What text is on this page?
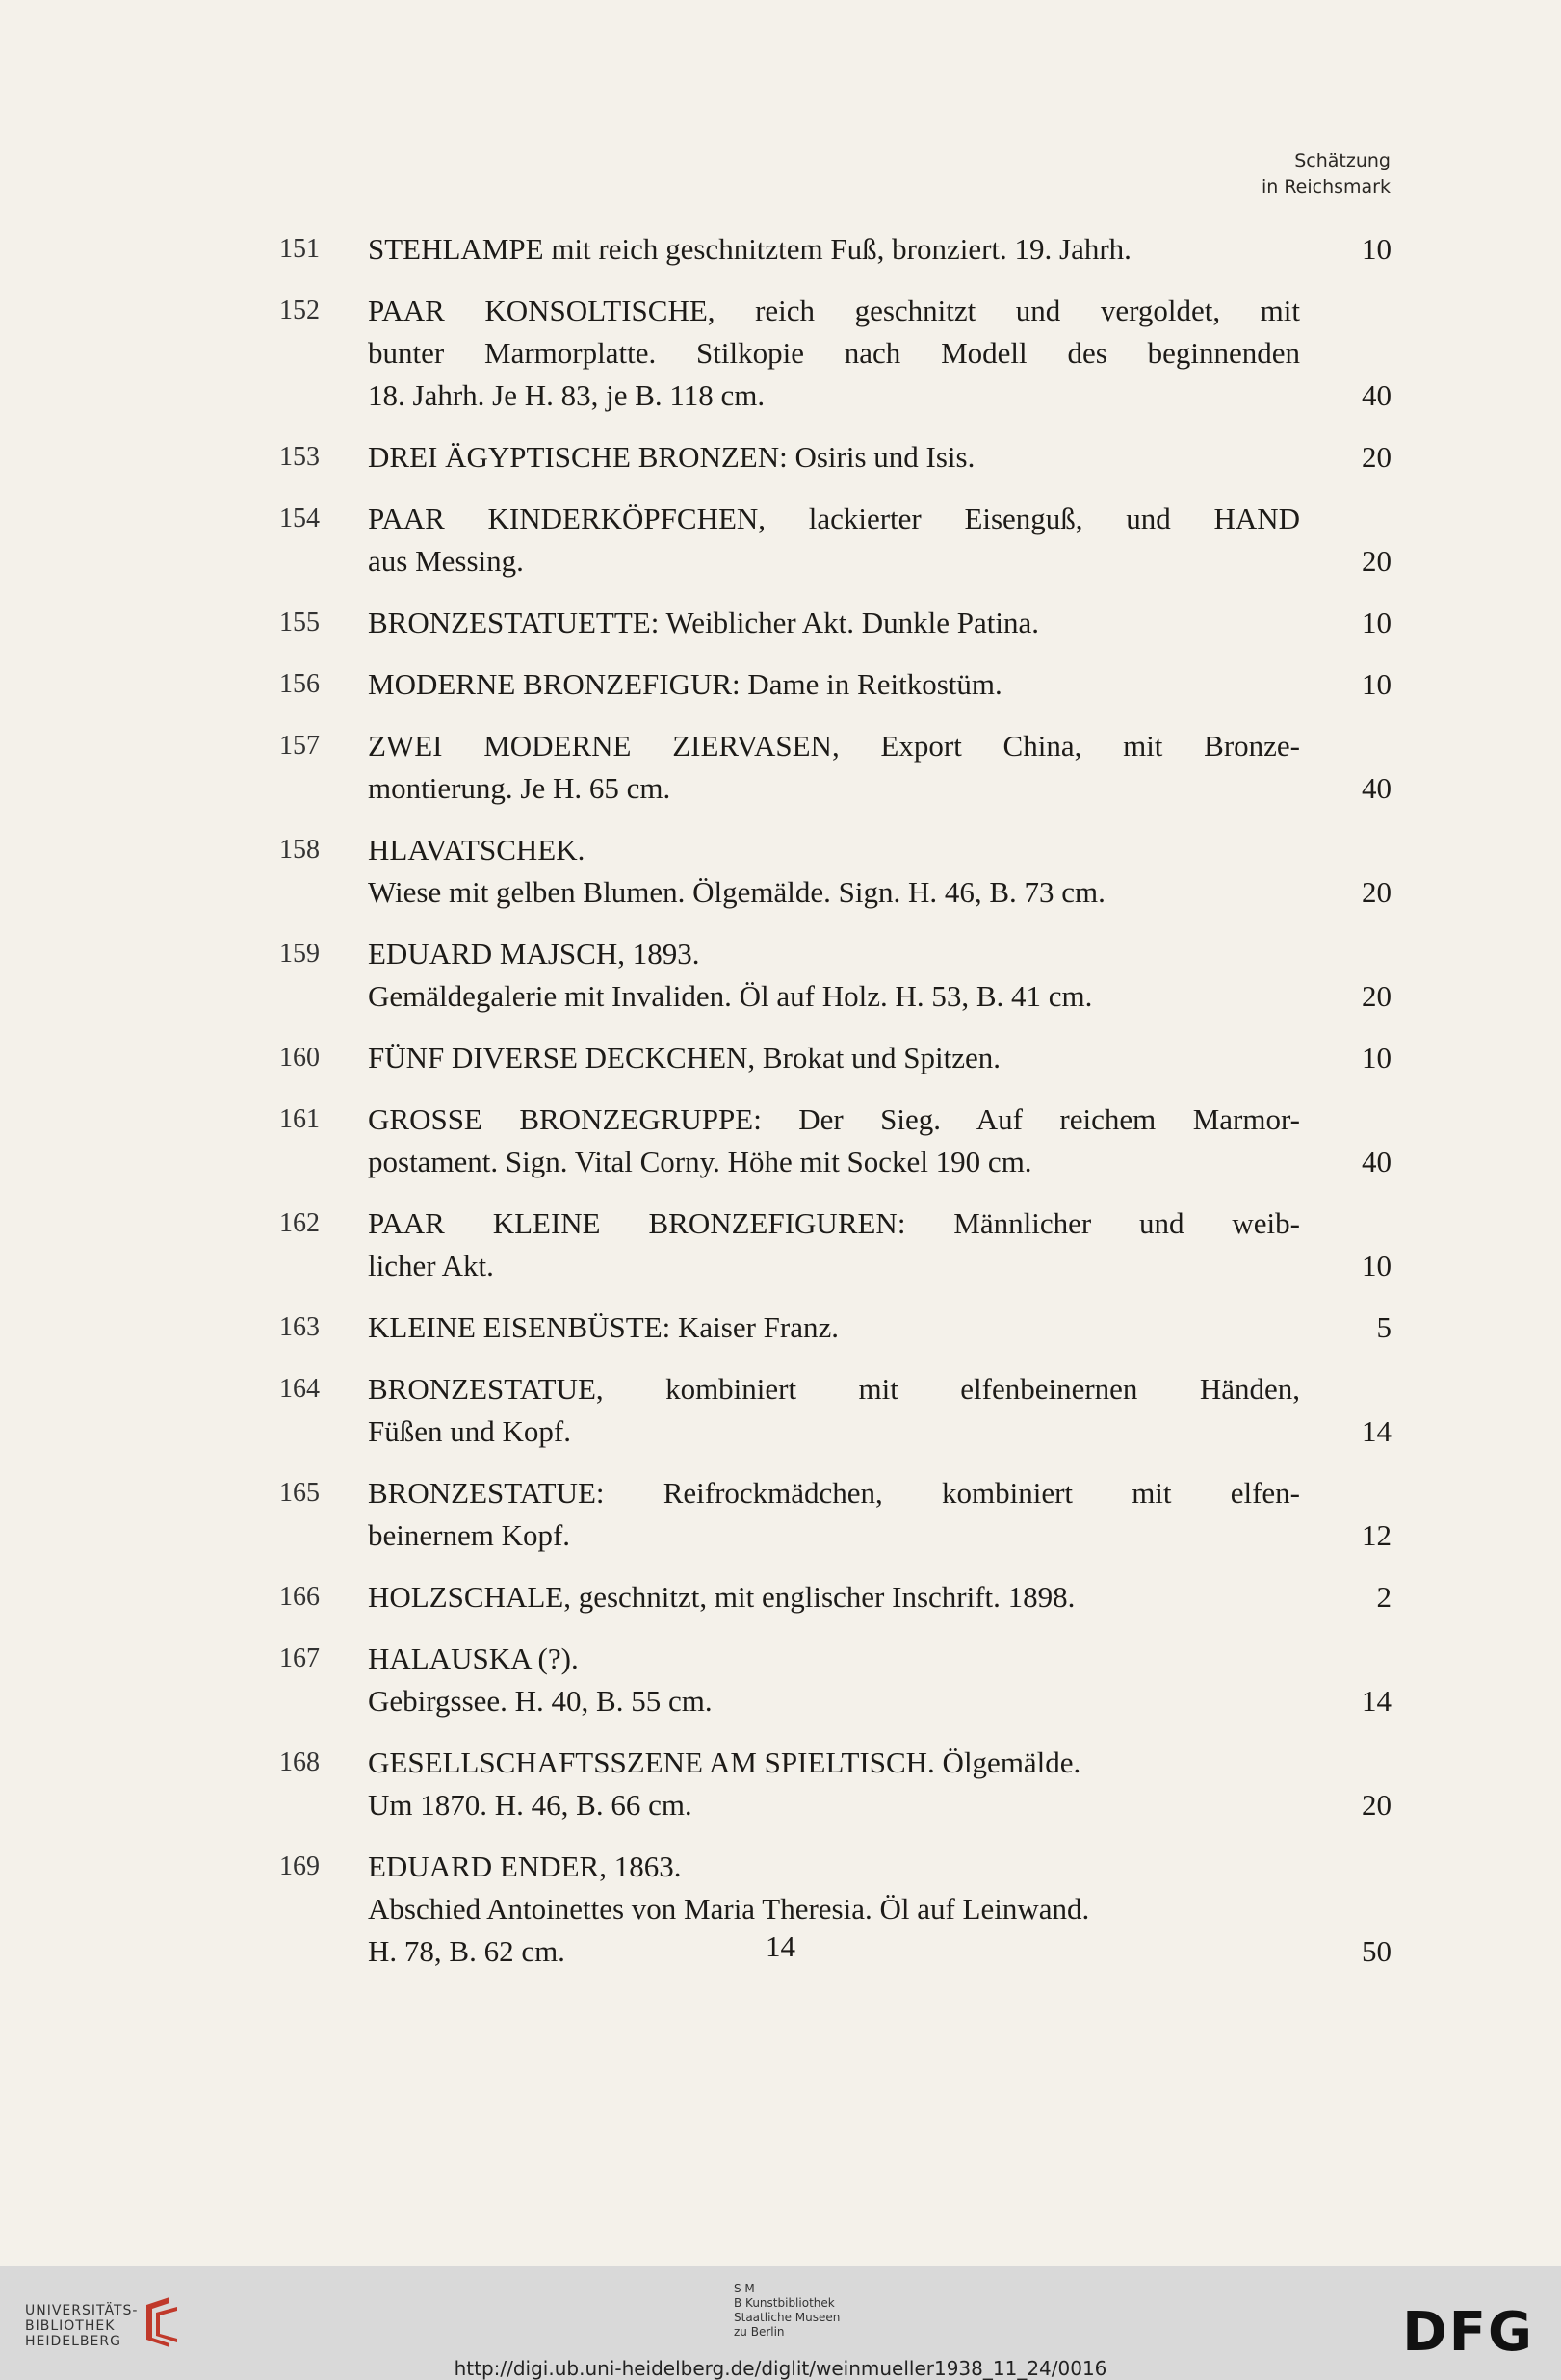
Schätzung
in Reichsmark
151	STEHLAMPE mit reich geschnitztem Fuß, bronziert. 19. Jahrh.	10
152	PAAR KONSOLTISCHE, reich geschnitzt und vergoldet, mit
bunter Marmorplatte. Stilkopie nach Modell des beginnenden
18. Jahrh. Je H. 83, je B. 118 cm.	40
153	DREI ÄGYPTISCHE BRONZEN: Osiris und Isis.	20
154	PAAR KINDERKÖPFCHEN, lackierter Eisenguß, und HAND
aus Messing.	20
155	BRONZESTATUETTE: Weiblicher Akt. Dunkle Patina.	10
156	MODERNE BRONZEFIGUR: Dame in Reitkostüm.	10
157	ZWEI MODERNE ZIERVASEN, Export China, mit Bronze-
montierung. Je H. 65 cm.	40
158	HLAVATSCHEK.
Wiese mit gelben Blumen. Ölgemälde. Sign. H. 46, B. 73 cm.	20
159	EDUARD MAJSCH, 1893.
Gemäldegalerie mit Invaliden. Öl auf Holz. H. 53, B. 41 cm.	20
160	FÜNF DIVERSE DECKCHEN, Brokat und Spitzen.	10
161	GROSSE BRONZEGRUPPE: Der Sieg. Auf reichem Marmor-
postament. Sign. Vital Corny. Höhe mit Sockel 190 cm.	40
162	PAAR KLEINE BRONZEFIGUREN: Männlicher und weib-
licher Akt.	10
163	KLEINE EISENBÜSTE: Kaiser Franz.	5
164	BRONZESTATUE, kombiniert mit elfenbeinernen Händen,
Füßen und Kopf.	14
165	BRONZESTATUE: Reifrockmädchen, kombiniert mit elfen-
beinernem Kopf.	12
166	HOLZSCHALE, geschnitzt, mit englischer Inschrift. 1898.	2
167	HALAUSKA (?).
Gebirgssee. H. 40, B. 55 cm.	14
168	GESELLSCHAFTSSZENE AM SPIELTISCH. Ölgemälde.
Um 1870. H. 46, B. 66 cm.	20
169	EDUARD ENDER, 1863.
Abschied Antoinettes von Maria Theresia. Öl auf Leinwand.
H. 78, B. 62 cm.	50
14
UNIVERSITÄTS-
BIBLIOTHEK
HEIDELBERG
S M
B Kunstbibliothek
Staatliche Museen
zu Berlin	DFG
http://digi.ub.uni-heidelberg.de/diglit/weinmueller1938_11_24/0016
